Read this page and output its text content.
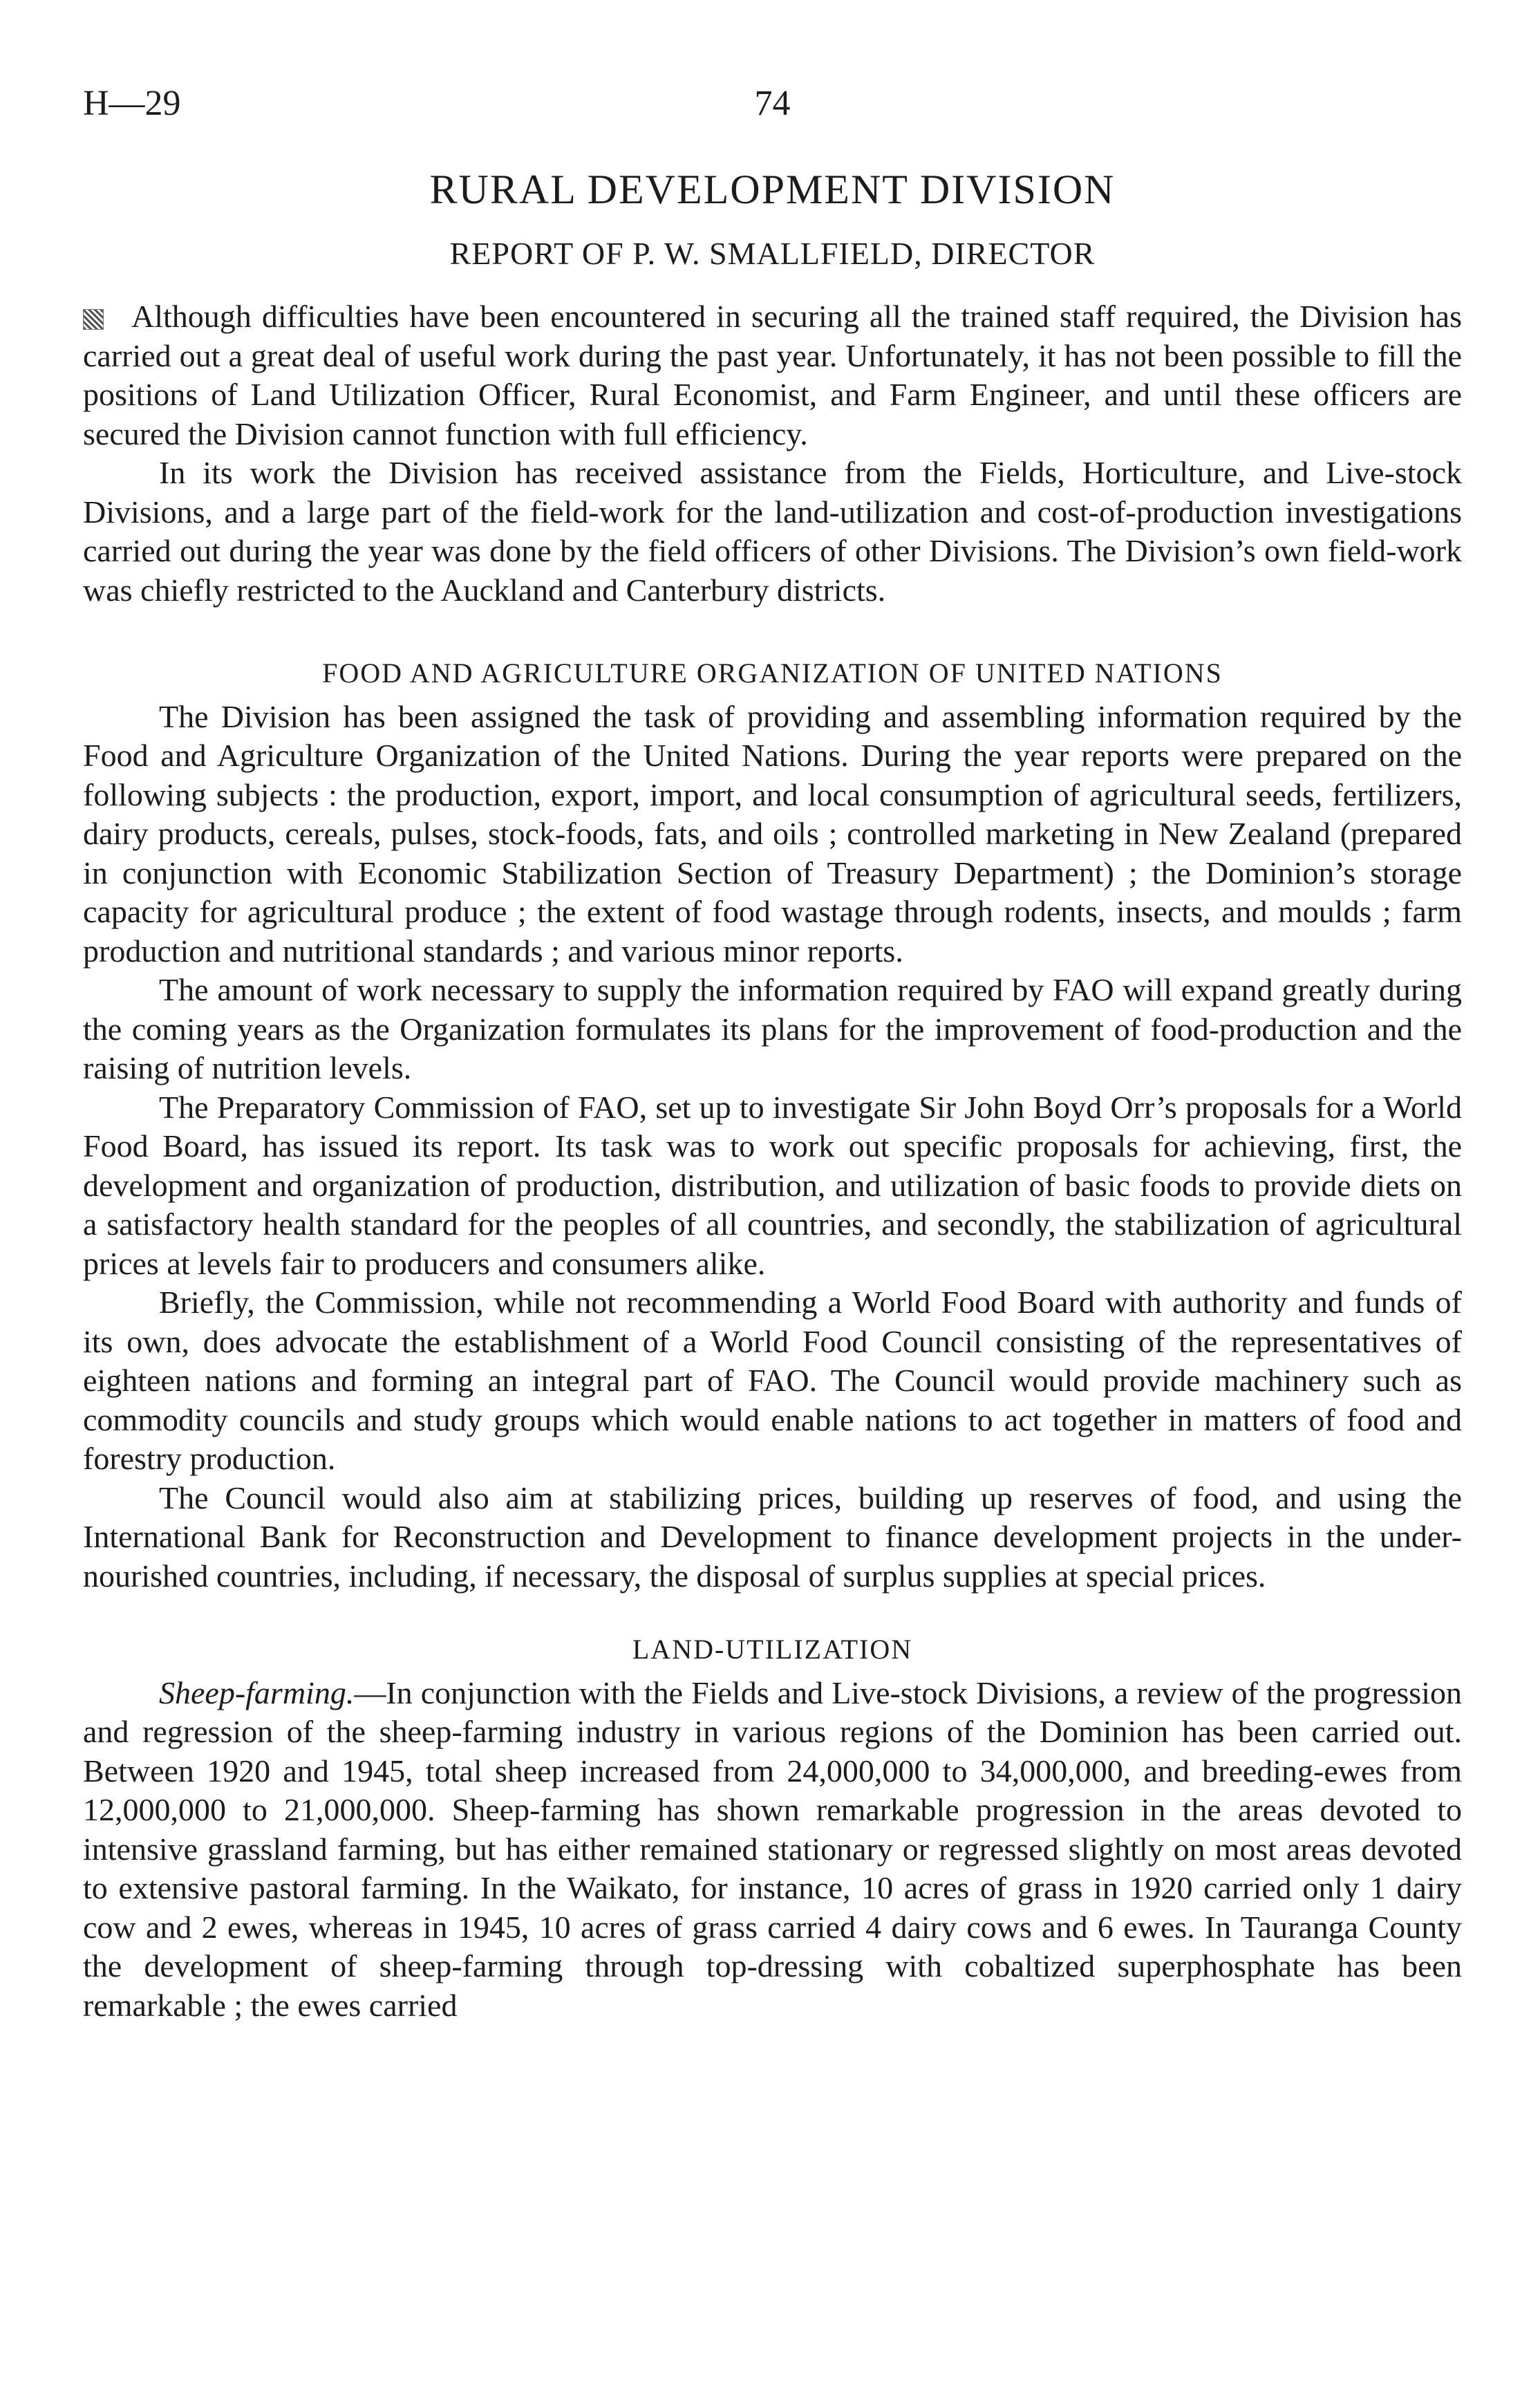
H—29	74
RURAL DEVELOPMENT DIVISION
REPORT OF P. W. SMALLFIELD, DIRECTOR

Although difficulties have been encountered in securing all the trained staff required, the Division has carried out a great deal of useful work during the past year. Unfortunately, it has not been possible to fill the positions of Land Utilization Officer, Rural Economist, and Farm Engineer, and until these officers are secured the Division cannot function with full efficiency.

In its work the Division has received assistance from the Fields, Horticulture, and Live-stock Divisions, and a large part of the field-work for the land-utilization and cost-of-production investigations carried out during the year was done by the field officers of other Divisions. The Division’s own field-work was chiefly restricted to the Auckland and Canterbury districts.

FOOD AND AGRICULTURE ORGANIZATION OF UNITED NATIONS

The Division has been assigned the task of providing and assembling information required by the Food and Agriculture Organization of the United Nations. During the year reports were prepared on the following subjects : the production, export, import, and local consumption of agricultural seeds, fertilizers, dairy products, cereals, pulses, stock-foods, fats, and oils ; controlled marketing in New Zealand (prepared in conjunction with Economic Stabilization Section of Treasury Department) ; the Dominion’s storage capacity for agricultural produce ; the extent of food wastage through rodents, insects, and moulds ; farm production and nutritional standards ; and various minor reports.

The amount of work necessary to supply the information required by FAO will expand greatly during the coming years as the Organization formulates its plans for the improvement of food-production and the raising of nutrition levels.

The Preparatory Commission of FAO, set up to investigate Sir John Boyd Orr’s proposals for a World Food Board, has issued its report. Its task was to work out specific proposals for achieving, first, the development and organization of production, distribution, and utilization of basic foods to provide diets on a satisfactory health standard for the peoples of all countries, and secondly, the stabilization of agricultural prices at levels fair to producers and consumers alike.

Briefly, the Commission, while not recommending a World Food Board with authority and funds of its own, does advocate the establishment of a World Food Council consisting of the representatives of eighteen nations and forming an integral part of FAO. The Council would provide machinery such as commodity councils and study groups which would enable nations to act together in matters of food and forestry production.

The Council would also aim at stabilizing prices, building up reserves of food, and using the International Bank for Reconstruction and Development to finance development projects in the under-nourished countries, including, if necessary, the disposal of surplus supplies at special prices.

LAND-UTILIZATION

Sheep-farming.—In conjunction with the Fields and Live-stock Divisions, a review of the progression and regression of the sheep-farming industry in various regions of the Dominion has been carried out. Between 1920 and 1945, total sheep increased from 24,000,000 to 34,000,000, and breeding-ewes from 12,000,000 to 21,000,000. Sheep-farming has shown remarkable progression in the areas devoted to intensive grassland farming, but has either remained stationary or regressed slightly on most areas devoted to extensive pastoral farming. In the Waikato, for instance, 10 acres of grass in 1920 carried only 1 dairy cow and 2 ewes, whereas in 1945, 10 acres of grass carried 4 dairy cows and 6 ewes. In Tauranga County the development of sheep-farming through top-dressing with cobaltized superphosphate has been remarkable ; the ewes carried
